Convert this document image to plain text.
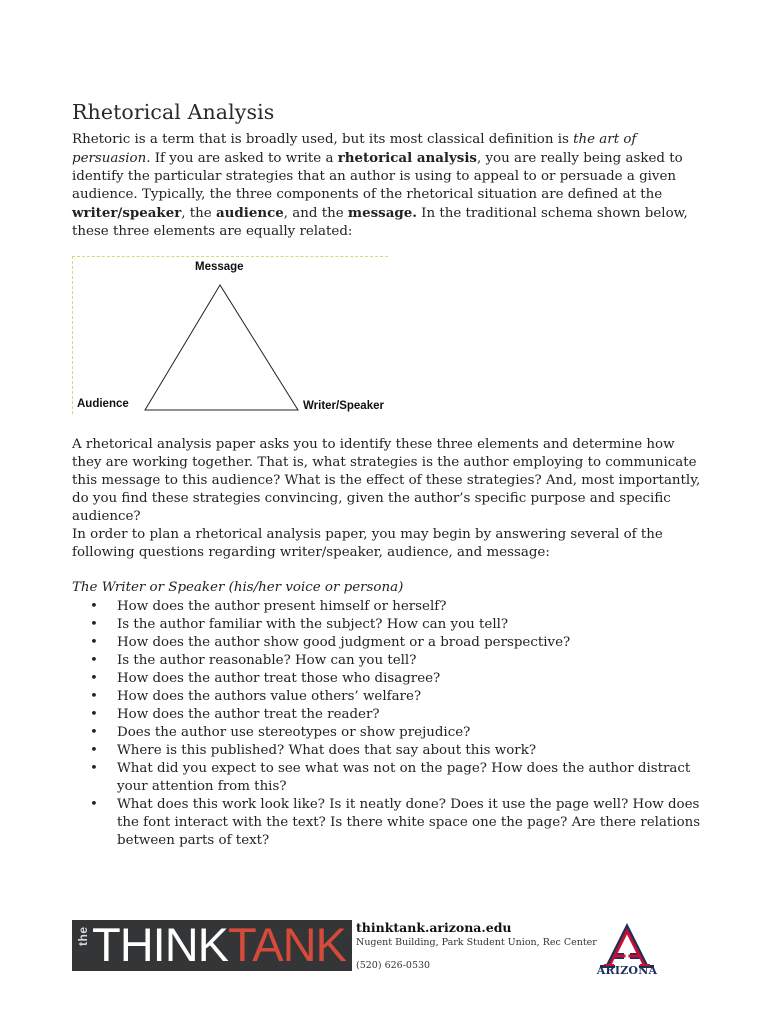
Rhetorical Analysis

Rhetoric is a term that is broadly used, but its most classical definition is the art of persuasion. If you are asked to write a rhetorical analysis, you are really being asked to identify the particular strategies that an author is using to appeal to or persuade a given audience. Typically, the three components of the rhetorical situation are defined at the writer/speaker, the audience, and the message. In the traditional schema shown below, these three elements are equally related:

Message
Audience	Writer/Speaker

A rhetorical analysis paper asks you to identify these three elements and determine how they are working together. That is, what strategies is the author employing to communicate this message to this audience? What is the effect of these strategies? And, most importantly, do you find these strategies convincing, given the author’s specific purpose and specific audience?

In order to plan a rhetorical analysis paper, you may begin by answering several of the following questions regarding writer/speaker, audience, and message:

The Writer or Speaker (his/her voice or persona)
• How does the author present himself or herself?
• Is the author familiar with the subject? How can you tell?
• How does the author show good judgment or a broad perspective?
• Is the author reasonable? How can you tell?
• How does the author treat those who disagree?
• How does the authors value others’ welfare?
• How does the author treat the reader?
• Does the author use stereotypes or show prejudice?
• Where is this published? What does that say about this work?
• What did you expect to see what was not on the page? How does the author distract your attention from this?
• What does this work look like? Is it neatly done? Does it use the page well? How does the font interact with the text? Is there white space one the page? Are there relations between parts of text?
the THINKTANK thinktank.arizona.edu
Nugent Building, Park Student Union, Rec Center
(520) 626-0530	ARIZONA
